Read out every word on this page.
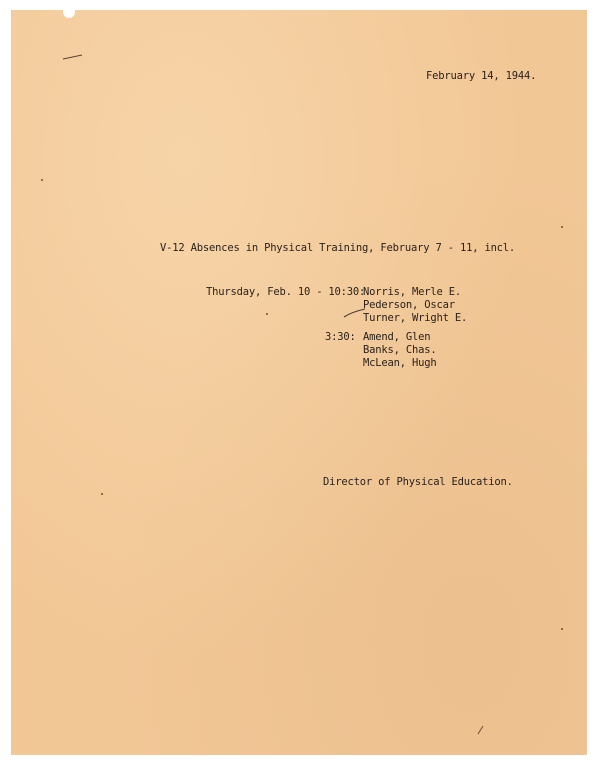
February 14, 1944.
V-12 Absences in Physical Training, February 7 - 11, incl.
Thursday, Feb. 10 - 10:30:
Norris, Merle E.
Pederson, Oscar
Turner, Wright E.
3:30: Amend, Glen
Banks, Chas.
McLean, Hugh
Director of Physical Education.
